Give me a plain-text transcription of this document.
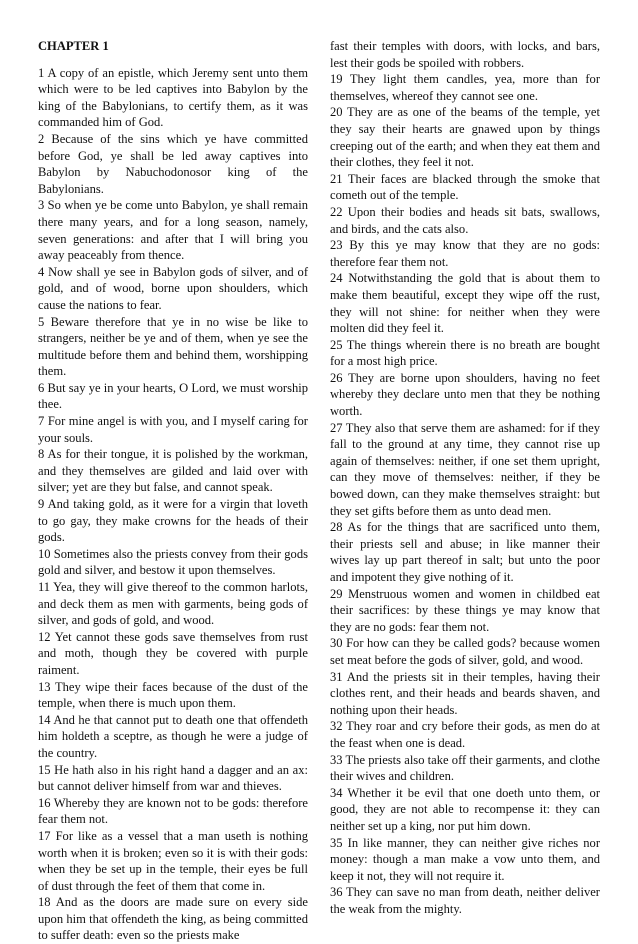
CHAPTER 1

1 A copy of an epistle, which Jeremy sent unto them which were to be led captives into Babylon by the king of the Babylonians, to certify them, as it was commanded him of God.

2 Because of the sins which ye have committed before God, ye shall be led away captives into Babylon by Nabuchodonosor king of the Babylonians.

3 So when ye be come unto Babylon, ye shall remain there many years, and for a long season, namely, seven generations: and after that I will bring you away peaceably from thence.

4 Now shall ye see in Babylon gods of silver, and of gold, and of wood, borne upon shoulders, which cause the nations to fear.

5 Beware therefore that ye in no wise be like to strangers, neither be ye and of them, when ye see the multitude before them and behind them, worshipping them.

6 But say ye in your hearts, O Lord, we must worship thee.

7 For mine angel is with you, and I myself caring for your souls.

8 As for their tongue, it is polished by the workman, and they themselves are gilded and laid over with silver; yet are they but false, and cannot speak.

9 And taking gold, as it were for a virgin that loveth to go gay, they make crowns for the heads of their gods.

10 Sometimes also the priests convey from their gods gold and silver, and bestow it upon themselves.

11 Yea, they will give thereof to the common harlots, and deck them as men with garments, being gods of silver, and gods of gold, and wood.

12 Yet cannot these gods save themselves from rust and moth, though they be covered with purple raiment.

13 They wipe their faces because of the dust of the temple, when there is much upon them.

14 And he that cannot put to death one that offendeth him holdeth a sceptre, as though he were a judge of the country.

15 He hath also in his right hand a dagger and an ax: but cannot deliver himself from war and thieves.

16 Whereby they are known not to be gods: therefore fear them not.

17 For like as a vessel that a man useth is nothing worth when it is broken; even so it is with their gods: when they be set up in the temple, their eyes be full of dust through the feet of them that come in.

18 And as the doors are made sure on every side upon him that offendeth the king, as being committed to suffer death: even so the priests make

fast their temples with doors, with locks, and bars, lest their gods be spoiled with robbers.

19 They light them candles, yea, more than for themselves, whereof they cannot see one.

20 They are as one of the beams of the temple, yet they say their hearts are gnawed upon by things creeping out of the earth; and when they eat them and their clothes, they feel it not.

21 Their faces are blacked through the smoke that cometh out of the temple.

22 Upon their bodies and heads sit bats, swallows, and birds, and the cats also.

23 By this ye may know that they are no gods: therefore fear them not.

24 Notwithstanding the gold that is about them to make them beautiful, except they wipe off the rust, they will not shine: for neither when they were molten did they feel it.

25 The things wherein there is no breath are bought for a most high price.

26 They are borne upon shoulders, having no feet whereby they declare unto men that they be nothing worth.

27 They also that serve them are ashamed: for if they fall to the ground at any time, they cannot rise up again of themselves: neither, if one set them upright, can they move of themselves: neither, if they be bowed down, can they make themselves straight: but they set gifts before them as unto dead men.

28 As for the things that are sacrificed unto them, their priests sell and abuse; in like manner their wives lay up part thereof in salt; but unto the poor and impotent they give nothing of it.

29 Menstruous women and women in childbed eat their sacrifices: by these things ye may know that they are no gods: fear them not.

30 For how can they be called gods? because women set meat before the gods of silver, gold, and wood.

31 And the priests sit in their temples, having their clothes rent, and their heads and beards shaven, and nothing upon their heads.

32 They roar and cry before their gods, as men do at the feast when one is dead.

33 The priests also take off their garments, and clothe their wives and children.

34 Whether it be evil that one doeth unto them, or good, they are not able to recompense it: they can neither set up a king, nor put him down.

35 In like manner, they can neither give riches nor money: though a man make a vow unto them, and keep it not, they will not require it.

36 They can save no man from death, neither deliver the weak from the mighty.
